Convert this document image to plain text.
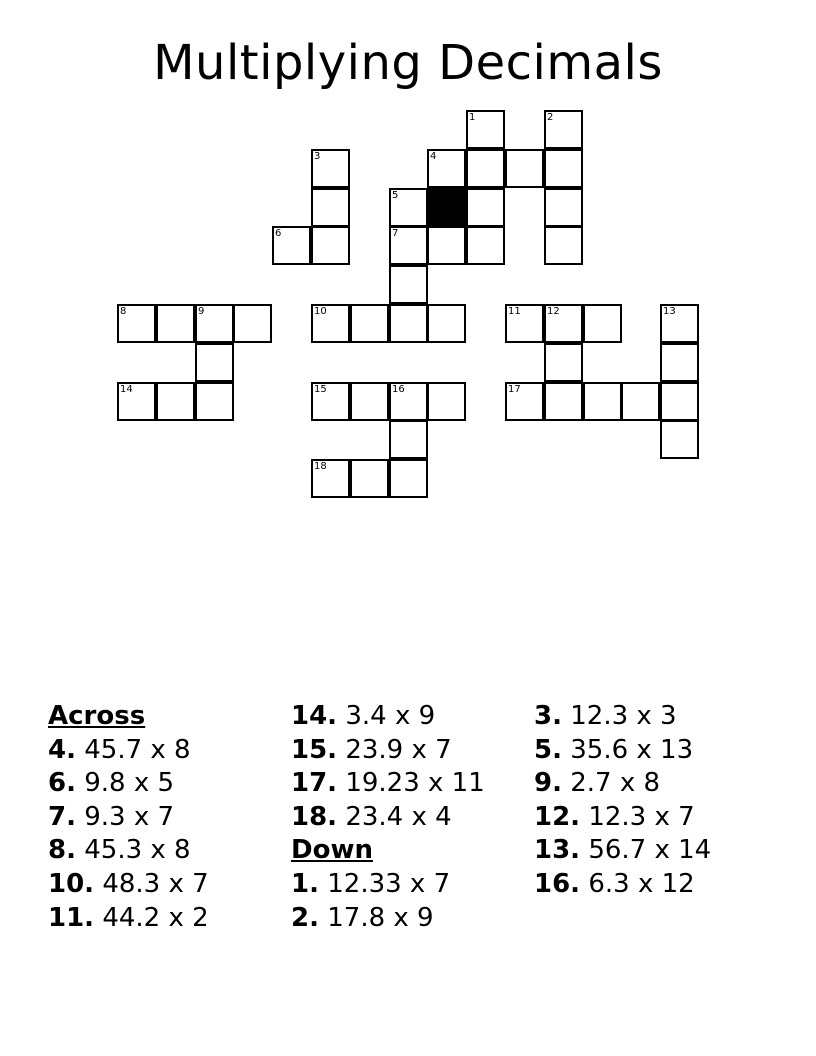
Multiplying Decimals
1	2
3	4
5
6	7
8	9	10	11	12	13
14	15	16	17
18
Across
4. 45.7 x 8
6. 9.8 x 5
7. 9.3 x 7
8. 45.3 x 8
10. 48.3 x 7
11. 44.2 x 2
14. 3.4 x 9
15. 23.9 x 7
17. 19.23 x 11
18. 23.4 x 4
Down
1. 12.33 x 7
2. 17.8 x 9
3. 12.3 x 3
5. 35.6 x 13
9. 2.7 x 8
12. 12.3 x 7
13. 56.7 x 14
16. 6.3 x 12
